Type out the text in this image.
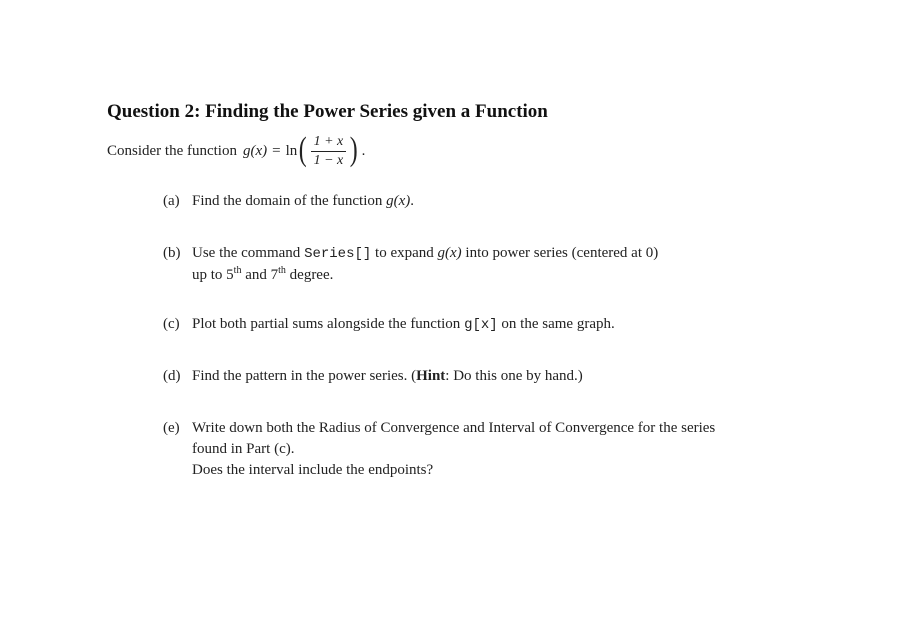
Question 2: Finding the Power Series given a Function
Consider the function g(x) = ln ( $\frac{1 + x}{1 - x}$ ) .
(a) Find the domain of the function g(x).
(b) Use the command Series[] to expand g(x) into power series (centered at 0)
up to 5th and 7th degree.
(c) Plot both partial sums alongside the function g[x] on the same graph.
(d) Find the pattern in the power series. (Hint: Do this one by hand.)
(e) Write down both the Radius of Convergence and Interval of Convergence for the series
found in Part (c).
Does the interval include the endpoints?
